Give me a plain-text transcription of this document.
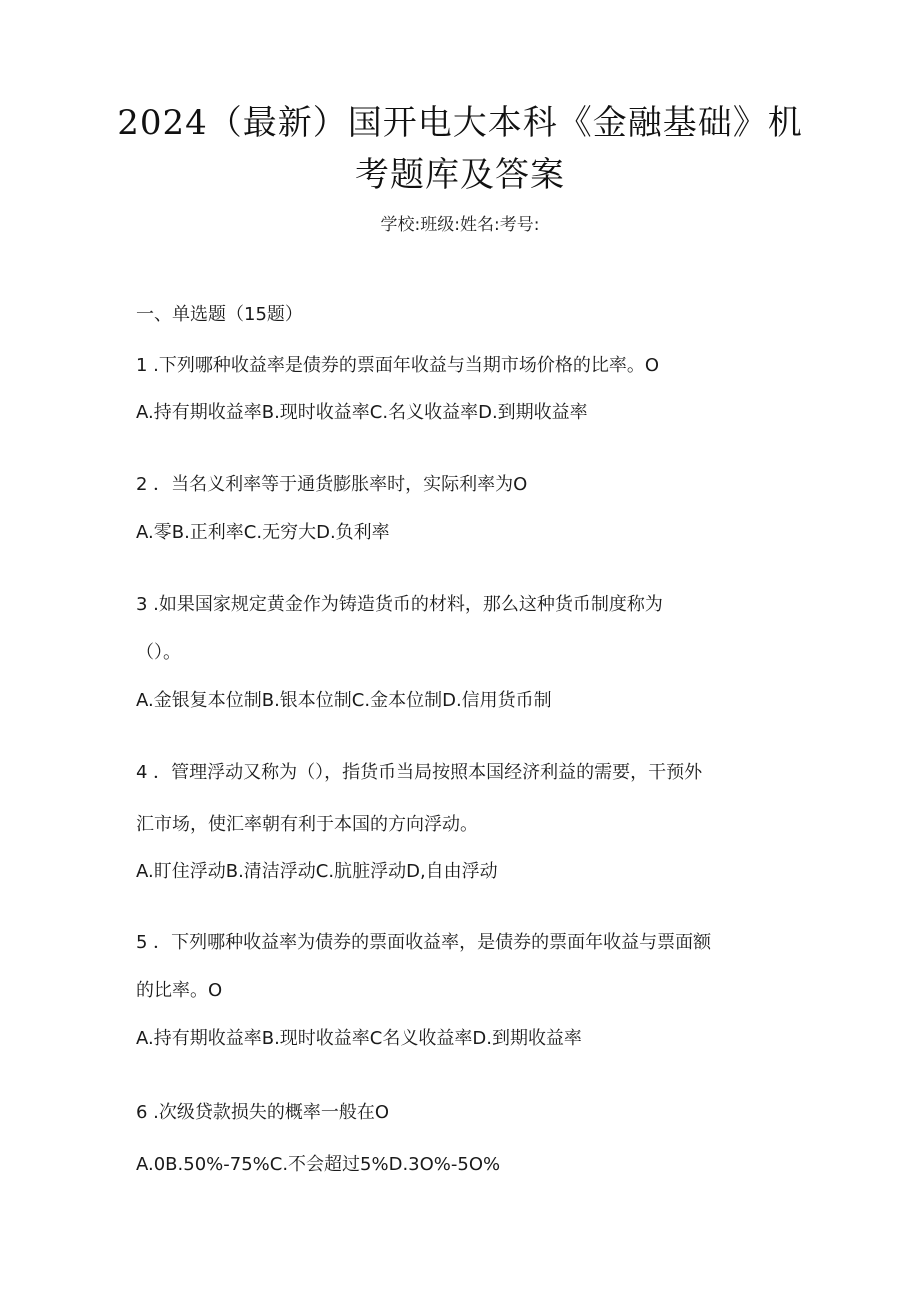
2024（最新）国开电大本科《金融基础》机
考题库及答案
学校:班级:姓名:考号:
一、单选题（15题）
1 .下列哪种收益率是债券的票面年收益与当期市场价格的比率。O
A.持有期收益率B.现时收益率C.名义收益率D.到期收益率
2 ．当名义利率等于通货膨胀率时，实际利率为O
A.零B.正利率C.无穷大D.负利率
3 .如果国家规定黄金作为铸造货币的材料，那么这种货币制度称为
（）。
A.金银复本位制B.银本位制C.金本位制D.信用货币制
4 ．管理浮动又称为（），指货币当局按照本国经济利益的需要，干预外
汇市场，使汇率朝有利于本国的方向浮动。
A.盯住浮动B.清洁浮动C.肮脏浮动D,自由浮动
5 ．下列哪种收益率为债券的票面收益率，是债券的票面年收益与票面额
的比率。O
A.持有期收益率B.现时收益率C名义收益率D.到期收益率
6 .次级贷款损失的概率一般在O
A.0B.50%-75%C.不会超过5%D.3O%-5O%
